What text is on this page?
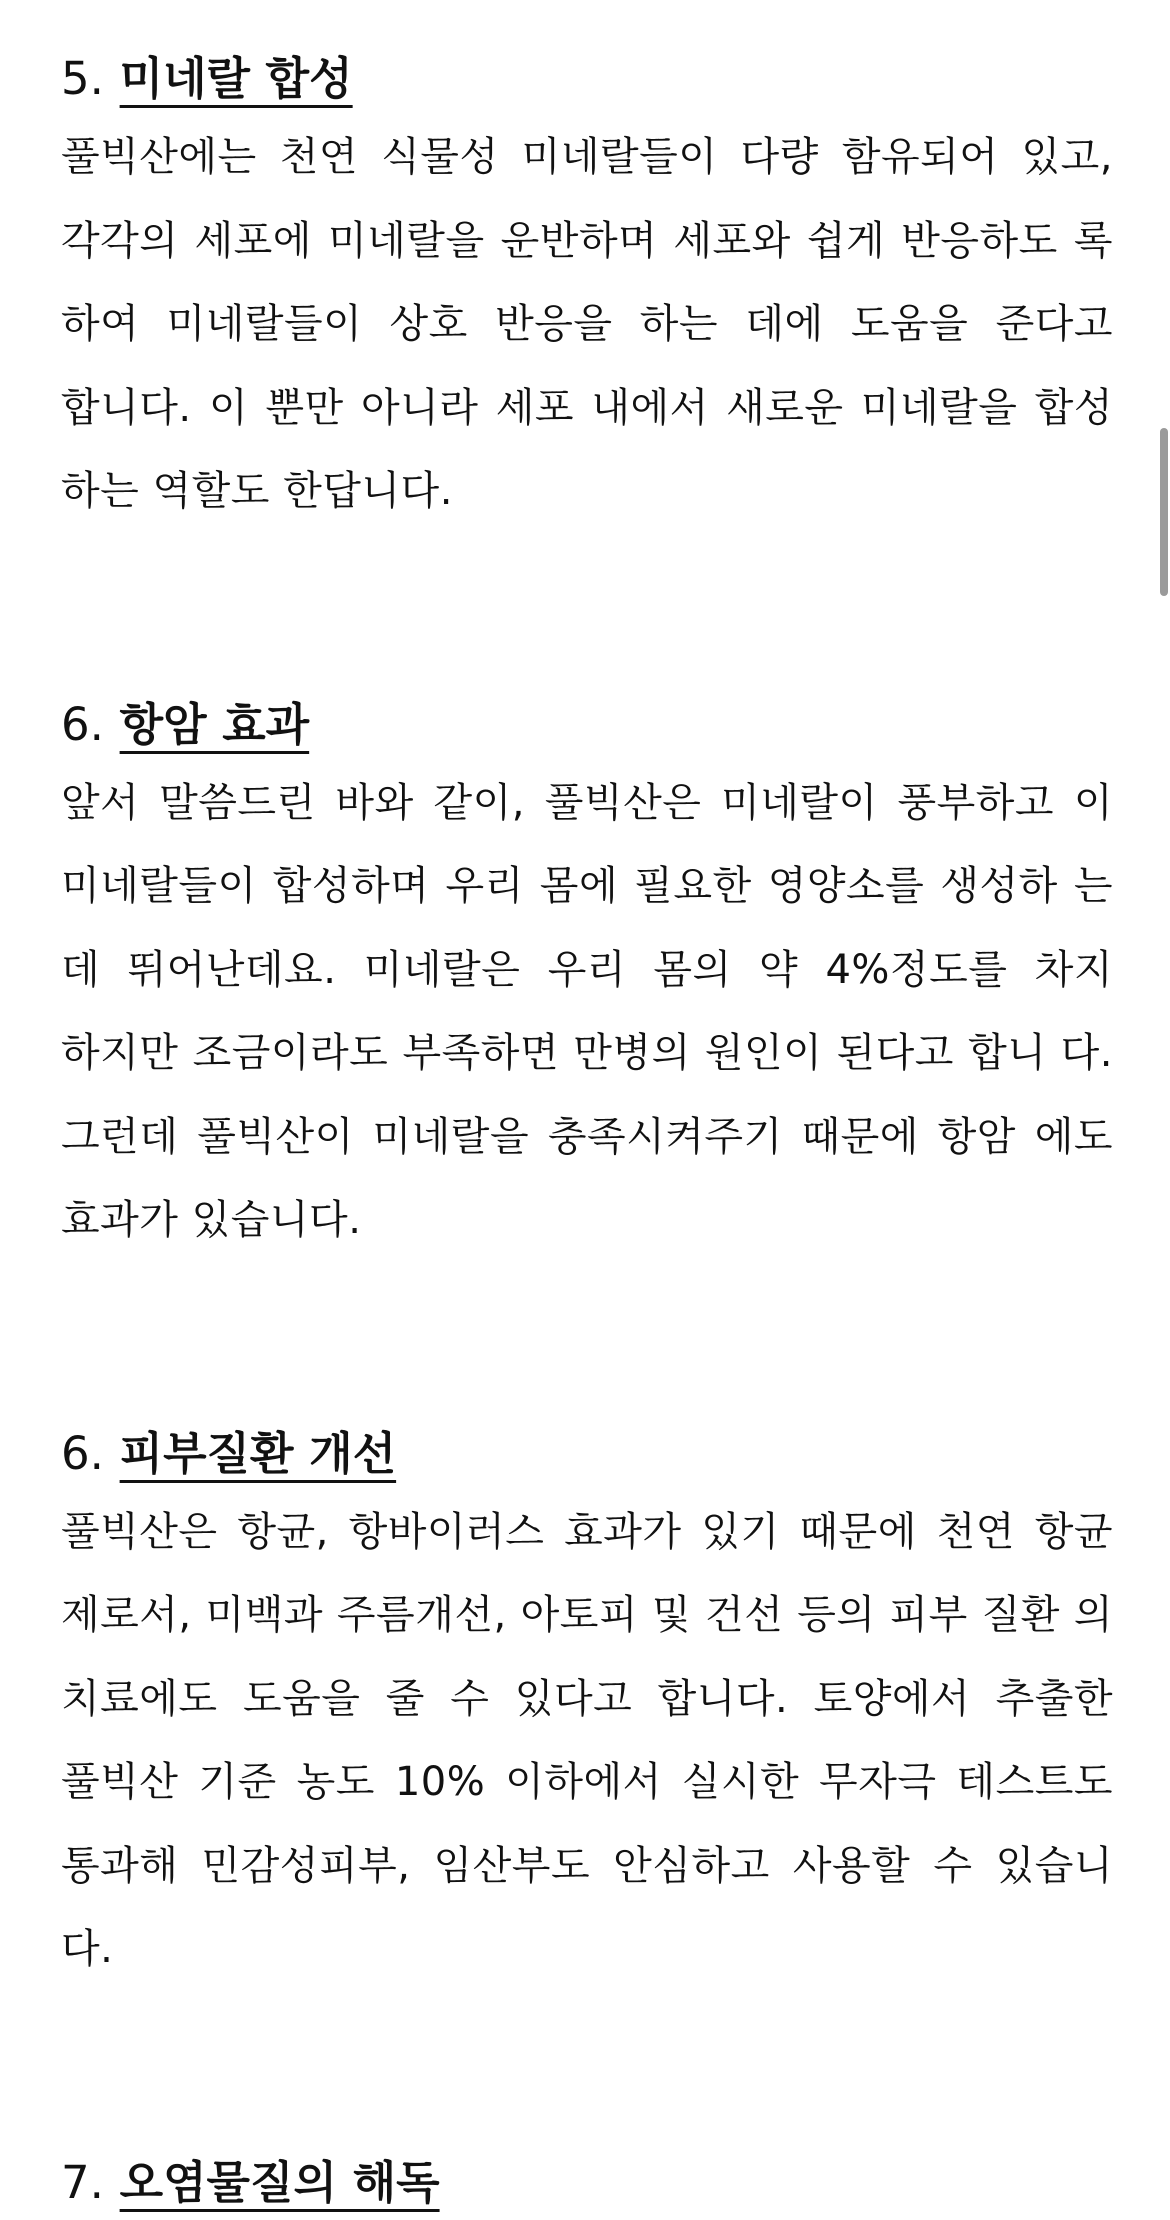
5. 미네랄 합성

풀빅산에는 천연 식물성 미네랄들이 다량 함유되어 있고, 각각의 세포에 미네랄을 운반하며 세포와 쉽게 반응하도 록 하여 미네랄들이 상호 반응을 하는 데에 도움을 준다고 합니다. 이 뿐만 아니라 세포 내에서 새로운 미네랄을 합성 하는 역할도 한답니다.

6. 항암 효과

앞서 말씀드린 바와 같이, 풀빅산은 미네랄이 풍부하고 이 미네랄들이 합성하며 우리 몸에 필요한 영양소를 생성하 는 데 뛰어난데요. 미네랄은 우리 몸의 약 4%정도를 차지 하지만 조금이라도 부족하면 만병의 원인이 된다고 합니 다. 그런데 풀빅산이 미네랄을 충족시켜주기 때문에 항암 에도 효과가 있습니다.

6. 피부질환 개선

풀빅산은 항균, 항바이러스 효과가 있기 때문에 천연 항균 제로서, 미백과 주름개선, 아토피 및 건선 등의 피부 질환 의 치료에도 도움을 줄 수 있다고 합니다. 토양에서 추출한 풀빅산 기준 농도 10% 이하에서 실시한 무자극 테스트도 통과해 민감성피부, 임산부도 안심하고 사용할 수 있습니 다.

7. 오염물질의 해독
